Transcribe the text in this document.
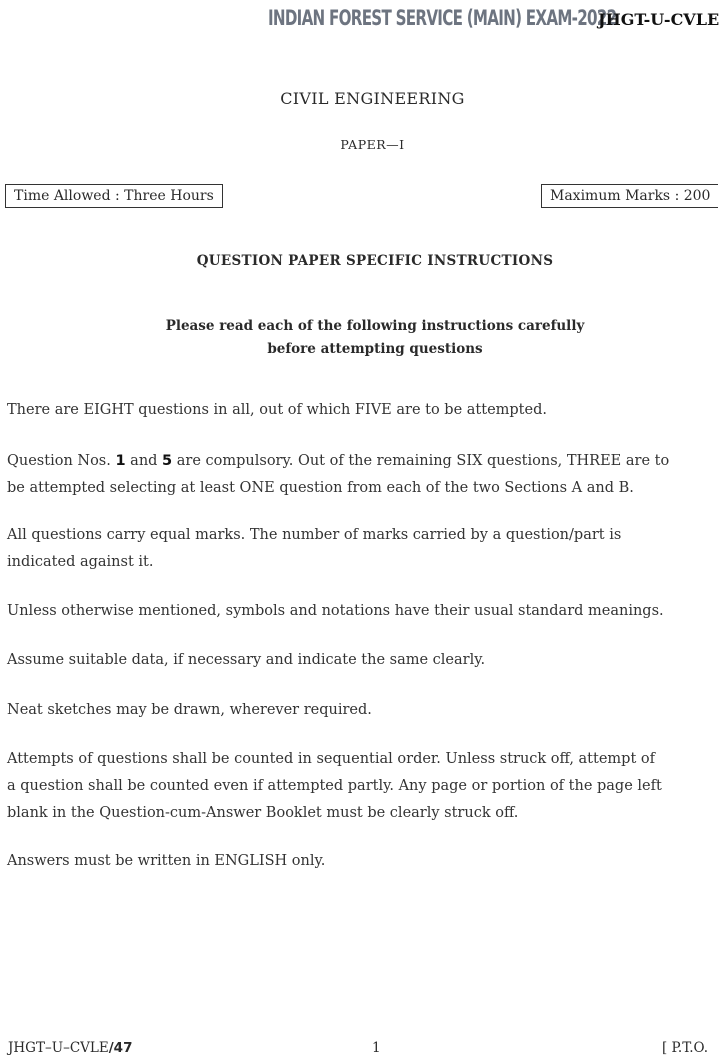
INDIAN FOREST SERVICE (MAIN) EXAM-2022
JHGT-U-CVLE
CIVIL ENGINEERING
PAPER—I
Time Allowed : Three Hours	Maximum Marks : 200
QUESTION PAPER SPECIFIC INSTRUCTIONS
Please read each of the following instructions carefully
before attempting questions
There are EIGHT questions in all, out of which FIVE are to be attempted.
Question Nos. 1 and 5 are compulsory. Out of the remaining SIX questions, THREE are to
be attempted selecting at least ONE question from each of the two Sections A and B.
All questions carry equal marks. The number of marks carried by a question/part is
indicated against it.
Unless otherwise mentioned, symbols and notations have their usual standard meanings.
Assume suitable data, if necessary and indicate the same clearly.
Neat sketches may be drawn, wherever required.
Attempts of questions shall be counted in sequential order. Unless struck off, attempt of
a question shall be counted even if attempted partly. Any page or portion of the page left
blank in the Question-cum-Answer Booklet must be clearly struck off.
Answers must be written in ENGLISH only.
JHGT–U–CVLE/47	1	[ P.T.O.
